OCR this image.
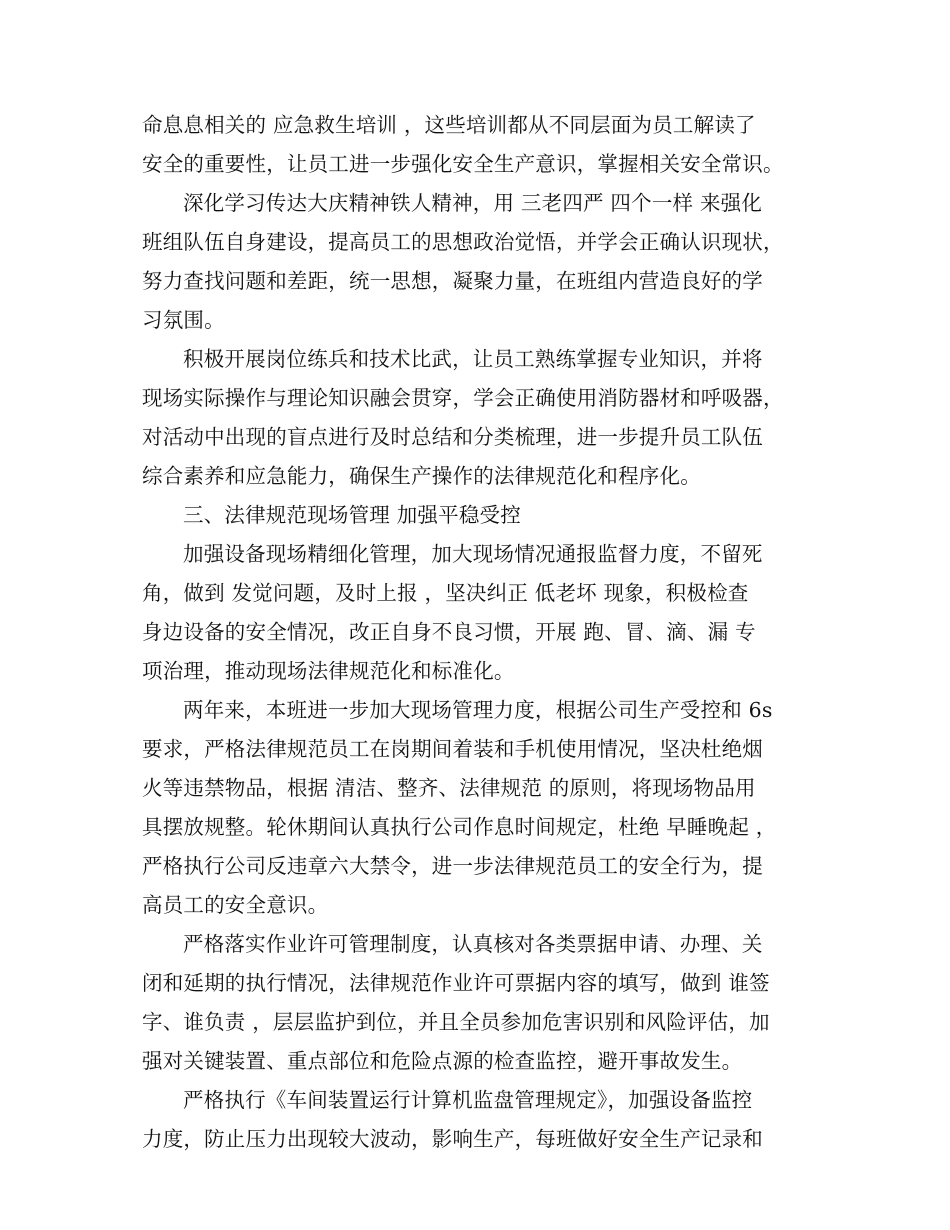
命息息相关的 应急救生培训 ，这些培训都从不同层面为员工解读了

安全的重要性，让员工进一步强化安全生产意识，掌握相关安全常识。

深化学习传达大庆精神铁人精神，用 三老四严 四个一样 来强化

班组队伍自身建设，提高员工的思想政治觉悟，并学会正确认识现状，

努力查找问题和差距，统一思想，凝聚力量，在班组内营造良好的学

习氛围。

积极开展岗位练兵和技术比武，让员工熟练掌握专业知识，并将

现场实际操作与理论知识融会贯穿，学会正确使用消防器材和呼吸器，

对活动中出现的盲点进行及时总结和分类梳理，进一步提升员工队伍

综合素养和应急能力，确保生产操作的法律规范化和程序化。

三、法律规范现场管理 加强平稳受控

加强设备现场精细化管理，加大现场情况通报监督力度，不留死

角，做到 发觉问题，及时上报 ，坚决纠正 低老坏 现象，积极检查

身边设备的安全情况，改正自身不良习惯，开展 跑、冒、滴、漏 专

项治理，推动现场法律规范化和标准化。

两年来，本班进一步加大现场管理力度，根据公司生产受控和 6s

要求，严格法律规范员工在岗期间着装和手机使用情况，坚决杜绝烟

火等违禁物品，根据 清洁、整齐、法律规范 的原则，将现场物品用

具摆放规整。轮休期间认真执行公司作息时间规定，杜绝 早睡晚起 ，

严格执行公司反违章六大禁令，进一步法律规范员工的安全行为，提

高员工的安全意识。

严格落实作业许可管理制度，认真核对各类票据申请、办理、关

闭和延期的执行情况，法律规范作业许可票据内容的填写，做到 谁签

字、谁负责 ，层层监护到位，并且全员参加危害识别和风险评估，加

强对关键装置、重点部位和危险点源的检查监控，避开事故发生。

严格执行《车间装置运行计算机监盘管理规定》，加强设备监控

力度，防止压力出现较大波动，影响生产，每班做好安全生产记录和
